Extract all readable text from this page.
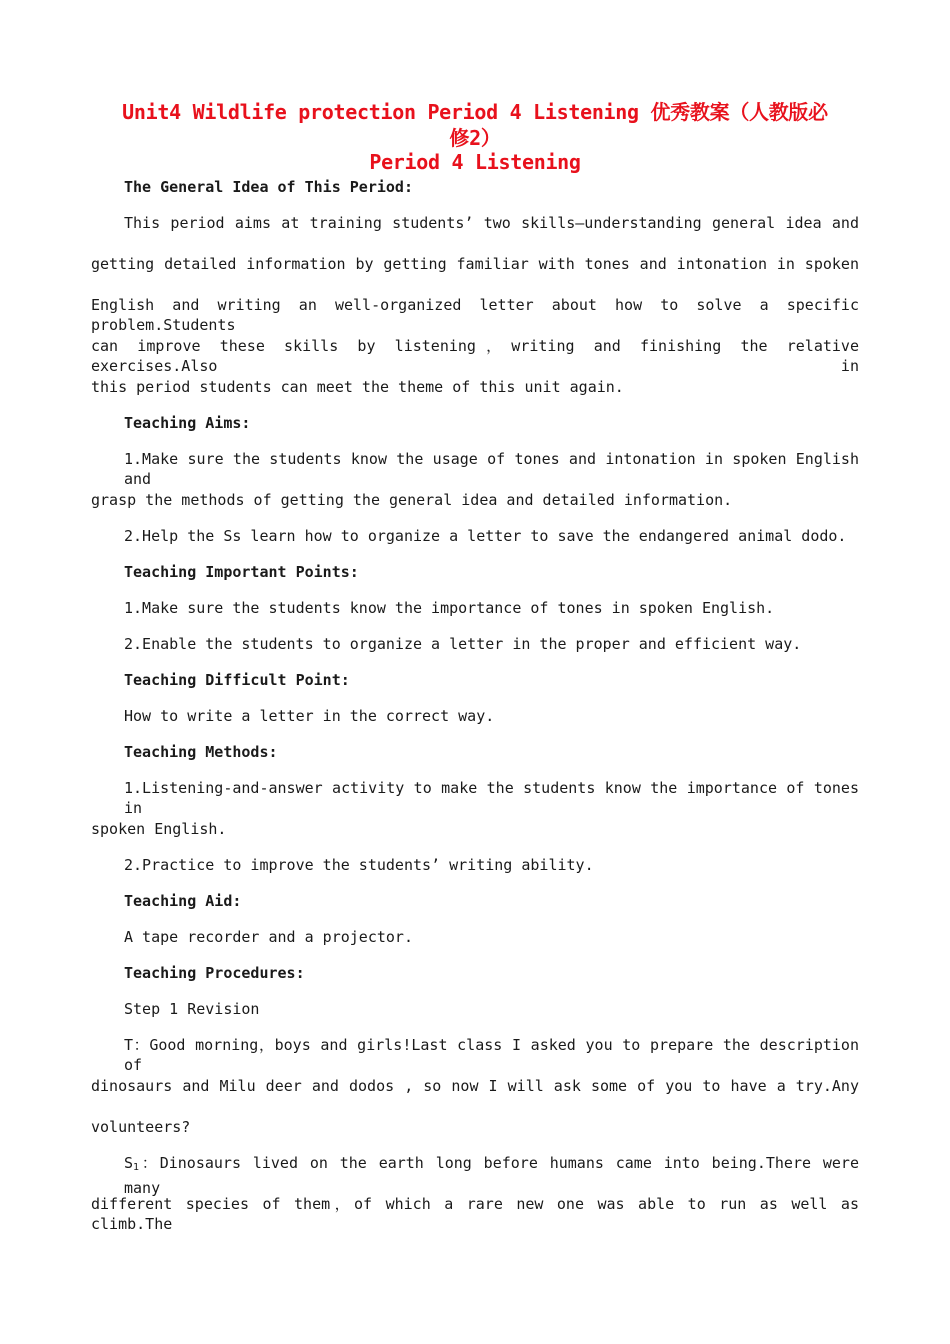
Unit4 Wildlife protection Period 4 Listening 优秀教案（人教版必
修2）
Period 4 Listening
The General Idea of This Period:
This period aims at training students’ two skills—understanding general idea and
getting detailed information by getting familiar with tones and intonation in spoken
English and writing an well-organized letter about how to solve a specific problem.Students
can improve these skills by listening，writing and finishing the relative exercises.Also in
this period students can meet the theme of this unit again.
Teaching Aims:
1.Make sure the students know the usage of tones and intonation in spoken English and
grasp the methods of getting the general idea and detailed information.
2.Help the Ss learn how to organize a letter to save the endangered animal dodo.
Teaching Important Points:
1.Make sure the students know the importance of tones in spoken English.
2.Enable the students to organize a letter in the proper and efficient way.
Teaching Difficult Point:
How to write a letter in the correct way.
Teaching Methods:
1.Listening-and-answer activity to make the students know the importance of tones in
spoken English.
2.Practice to improve the students’ writing ability.
Teaching Aid:
A tape recorder and a projector.
Teaching Procedures:
Step 1 Revision
T：Good morning，boys and girls!Last class I asked you to prepare the description of
dinosaurs and Milu deer and dodos , so now I will ask some of you to have a try.Any
volunteers?
$S_1$：Dinosaurs lived on the earth long before humans came into being.There were many
different species of them，of which a rare new one was able to run as well as climb.The
